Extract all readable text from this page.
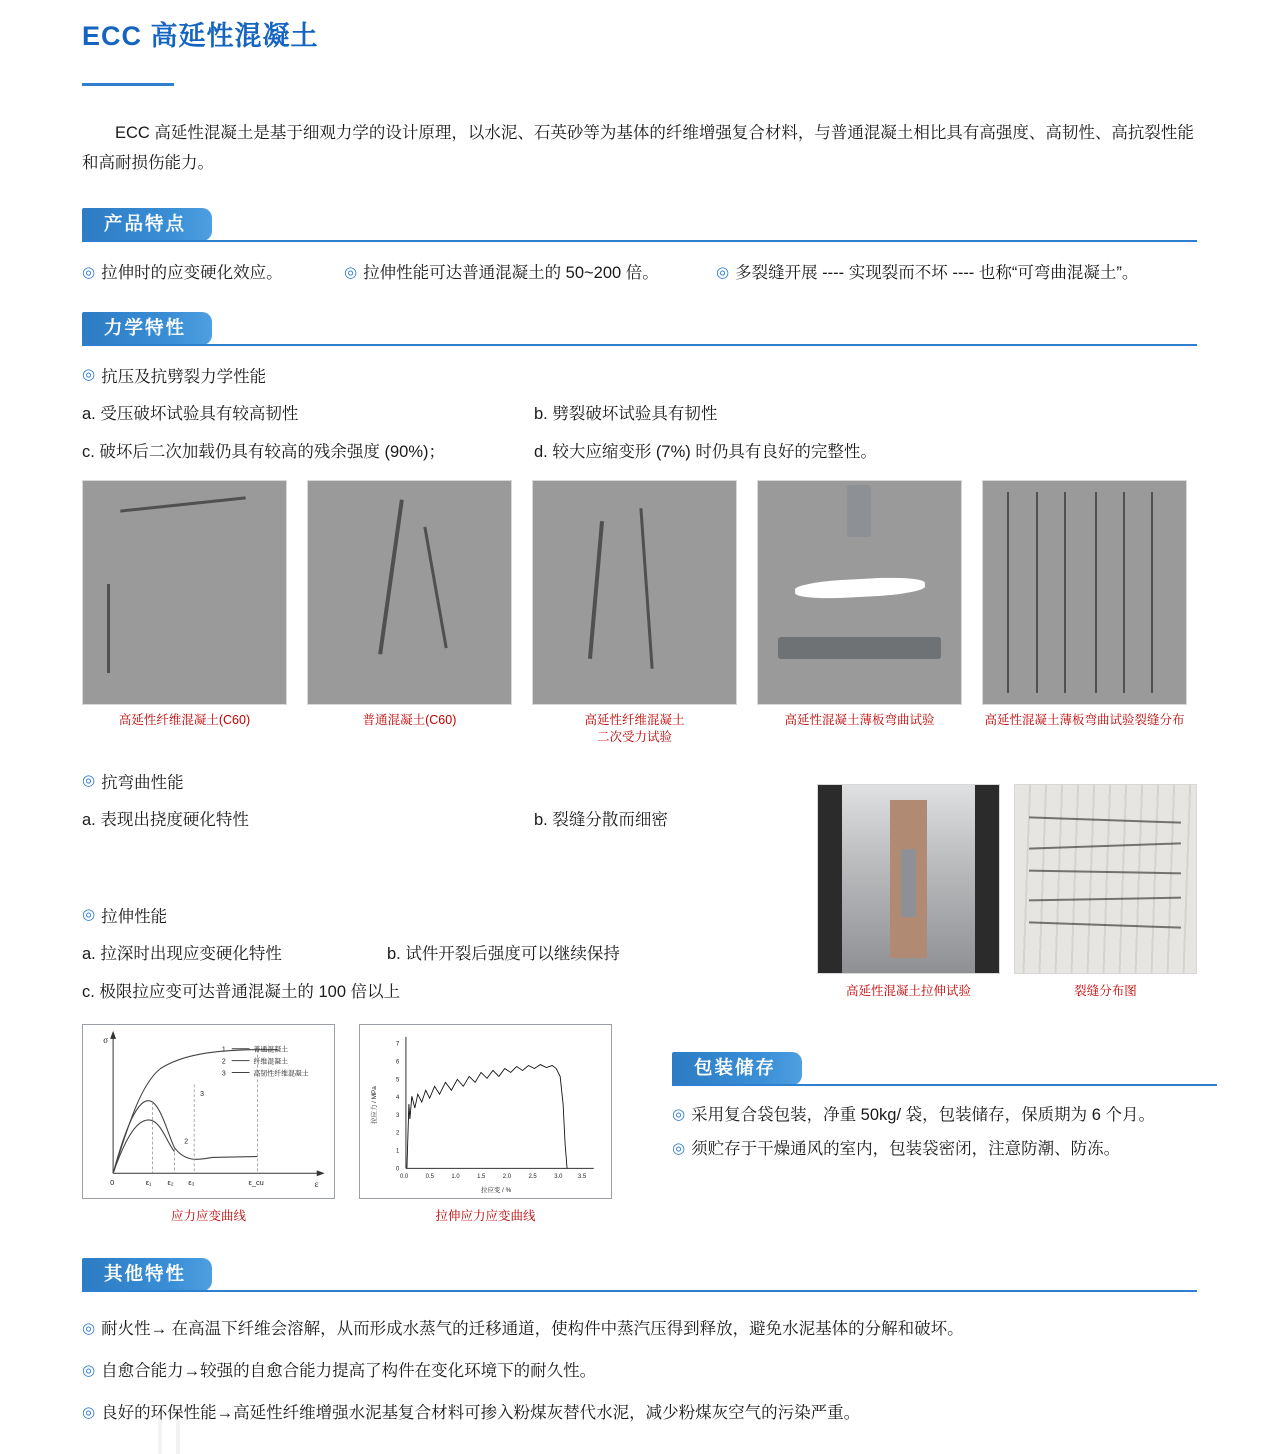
ECC 高延性混凝土

ECC 高延性混凝土是基于细观力学的设计原理，以水泥、石英砂等为基体的纤维增强复合材料，与普通混凝土相比具有高强度、高韧性、高抗裂性能和高耐损伤能力。

产品特点
◎ 拉伸时的应变硬化效应。	◎ 拉伸性能可达普通混凝土的 50~200 倍。	◎ 多裂缝开展 ---- 实现裂而不坏 ---- 也称“可弯曲混凝土”。
力学特性
◎ 抗压及抗劈裂力学性能
a. 受压破坏试验具有较高韧性	b. 劈裂破坏试验具有韧性
c. 破坏后二次加载仍具有较高的残余强度 (90%)；	d. 较大应缩变形 (7%) 时仍具有良好的完整性。
高延性纤维混凝土(C60)	普通混凝土(C60)	高延性纤维混凝土
二次受力试验
高延性混凝土薄板弯曲试验	高延性混凝土薄板弯曲试验裂缝分布
◎ 抗弯曲性能
a. 表现出挠度硬化特性	b. 裂缝分散而细密
◎ 拉伸性能
a. 拉深时出现应变硬化特性	b. 试件开裂后强度可以继续保持
c. 极限拉应变可达普通混凝土的 100 倍以上	高延性混凝土拉伸试验	裂缝分布图
σ
ε
0	ε₁ ε₂ ε₃	ε_cu
1
2
3
普通混凝土
纤维混凝土
高韧性纤维混凝土
3
2
应力应变曲线
0
1
2
3
4
5
6
7
0.0	0.5	1.0	1.5	2.0	2.5	3.0	3.5
拉应力 / MPa
拉应变 / %
拉伸应力应变曲线
包装储存
◎ 采用复合袋包装，净重 50kg/ 袋，包装储存，保质期为 6 个月。
◎ 须贮存于干燥通风的室内，包装袋密闭，注意防潮、防冻。
其他特性
◎ 耐火性→ 在高温下纤维会溶解，从而形成水蒸气的迁移通道，使构件中蒸汽压得到释放，避免水泥基体的分解和破坏。
◎ 自愈合能力→较强的自愈合能力提高了构件在变化环境下的耐久性。
◎ 良好的环保性能→高延性纤维增强水泥基复合材料可掺入粉煤灰替代水泥，减少粉煤灰空气的污染严重。
